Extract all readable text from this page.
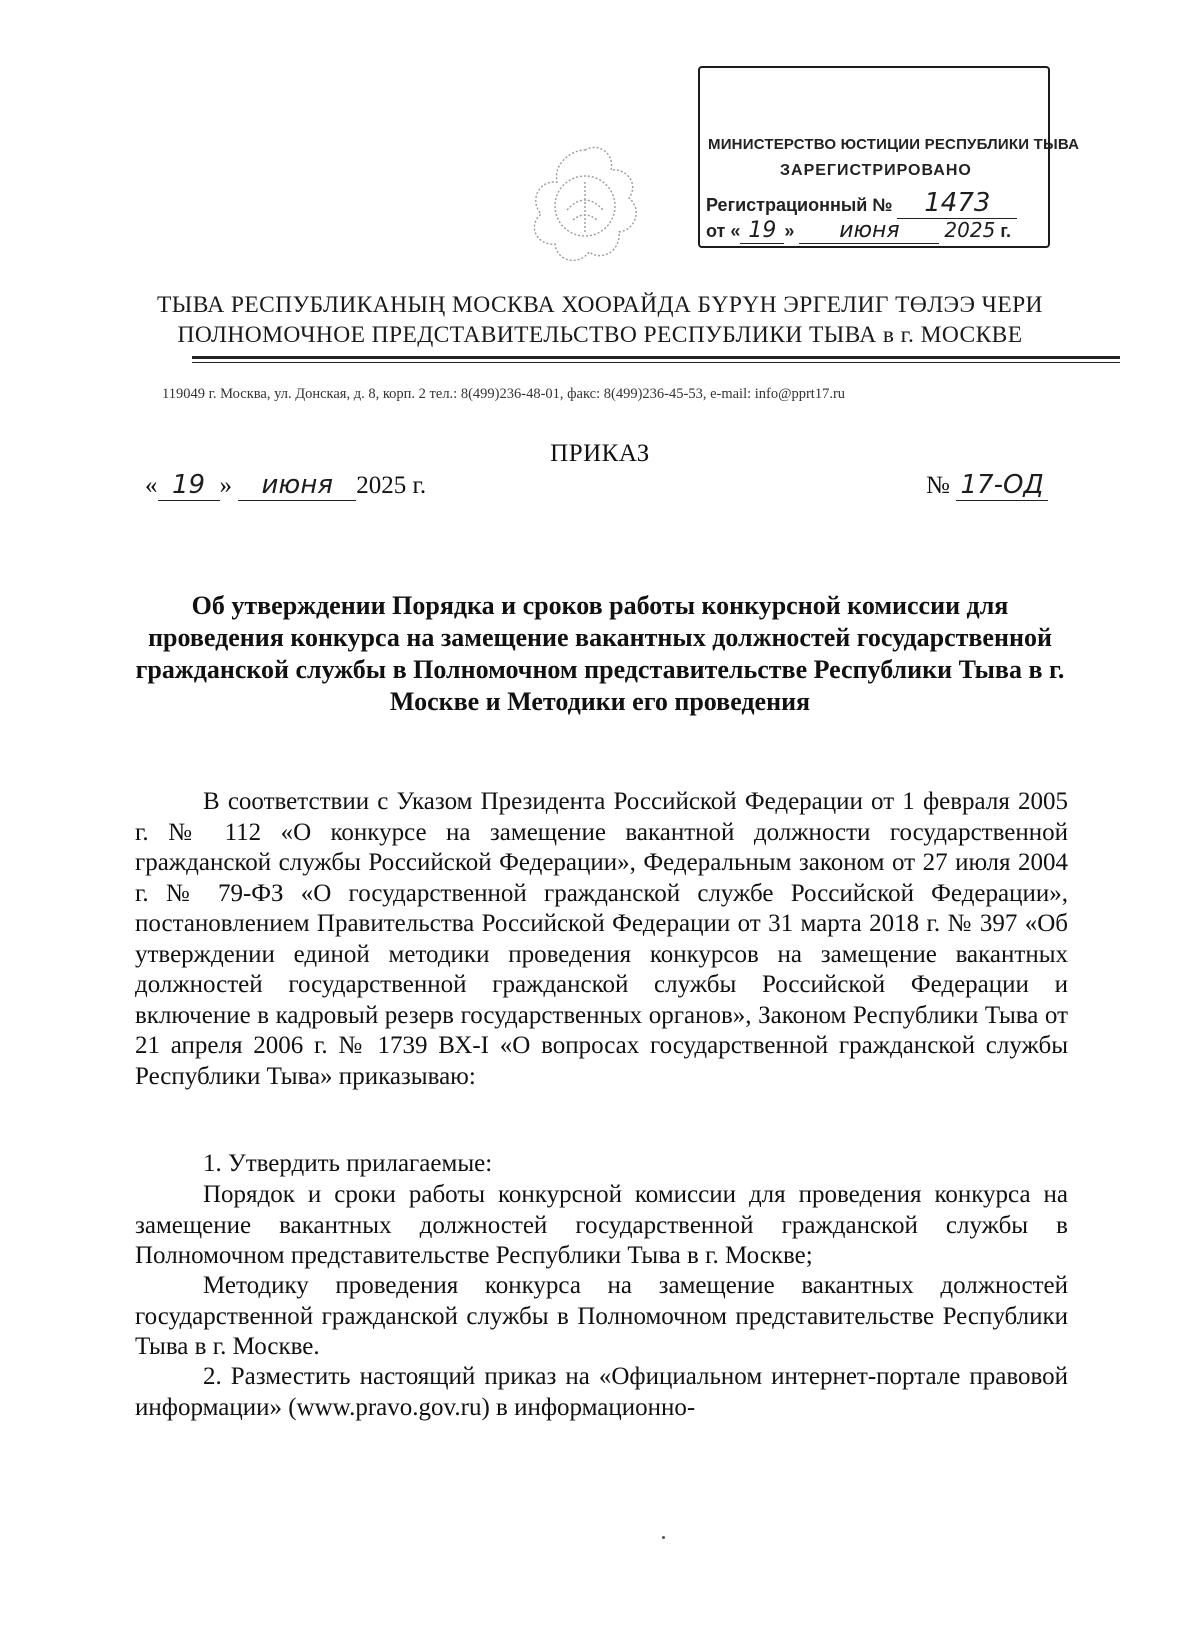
МИНИСТЕРСТВО ЮСТИЦИИ РЕСПУБЛИКИ ТЫВА
ЗАРЕГИСТРИРОВАНО
Регистрационный № 1473
от « 19 » июня 2025 г.
ТЫВА РЕСПУБЛИКАНЫҢ МОСКВА ХООРАЙДА БҮРҮН ЭРГЕЛИГ ТӨЛЭЭ ЧЕРИ
ПОЛНОМОЧНОЕ ПРЕДСТАВИТЕЛЬСТВО РЕСПУБЛИКИ ТЫВА в г. МОСКВЕ
119049 г. Москва, ул. Донская, д. 8, корп. 2 тел.: 8(499)236-48-01, факс: 8(499)236-45-53, e-mail: info@pprt17.ru
ПРИКАЗ
« 19 » июня 2025 г.	№ 17-ОД
Об утверждении Порядка и сроков работы конкурсной комиссии для проведения конкурса на замещение вакантных должностей государственной гражданской службы в Полномочном представительстве Республики Тыва в г. Москве и Методики его проведения
В соответствии с Указом Президента Российской Федерации от 1 февраля 2005 г. № 112 «О конкурсе на замещение вакантной должности государственной гражданской службы Российской Федерации», Федеральным законом от 27 июля 2004 г. № 79-ФЗ «О государственной гражданской службе Российской Федерации», постановлением Правительства Российской Федерации от 31 марта 2018 г. № 397 «Об утверждении единой методики проведения конкурсов на замещение вакантных должностей государственной гражданской службы Российской Федерации и включение в кадровый резерв государственных органов», Законом Республики Тыва от 21 апреля 2006 г. № 1739 ВХ-I «О вопросах государственной гражданской службы Республики Тыва» приказываю:
1. Утвердить прилагаемые:
Порядок и сроки работы конкурсной комиссии для проведения конкурса на замещение вакантных должностей государственной гражданской службы в Полномочном представительстве Республики Тыва в г. Москве;
Методику проведения конкурса на замещение вакантных должностей государственной гражданской службы в Полномочном представительстве Республики Тыва в г. Москве.
2. Разместить настоящий приказ на «Официальном интернет-портале правовой информации» (www.pravo.gov.ru) в информационно-
